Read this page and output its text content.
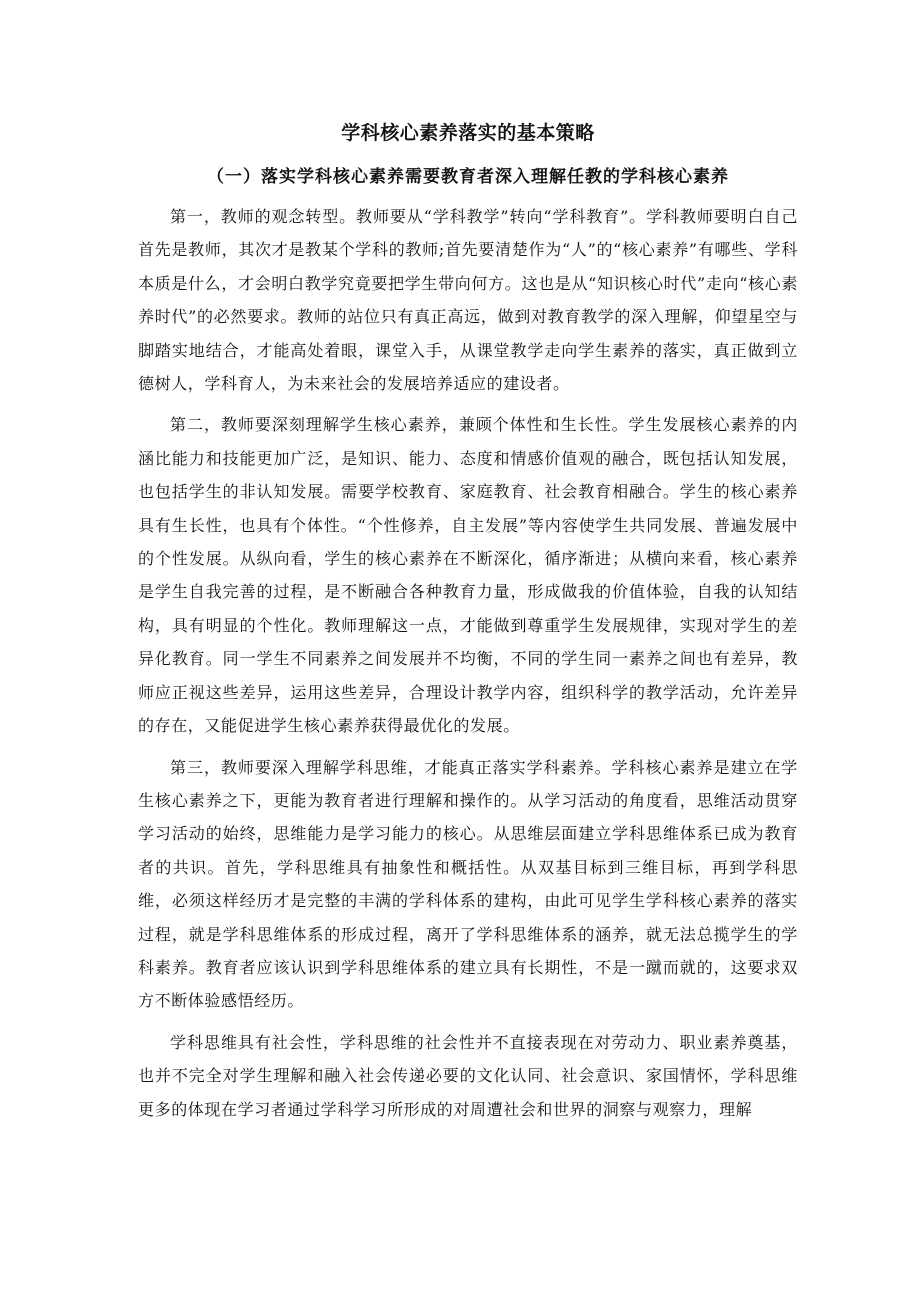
学科核心素养落实的基本策略
（一）落实学科核心素养需要教育者深入理解任教的学科核心素养

第一，教师的观念转型。教师要从“学科教学”转向“学科教育”。学科教师要明白自己首先是教师，其次才是教某个学科的教师;首先要清楚作为“人”的“核心素养”有哪些、学科本质是什么，才会明白教学究竟要把学生带向何方。这也是从“知识核心时代”走向“核心素养时代”的必然要求。教师的站位只有真正高远，做到对教育教学的深入理解，仰望星空与脚踏实地结合，才能高处着眼，课堂入手，从课堂教学走向学生素养的落实，真正做到立德树人，学科育人，为未来社会的发展培养适应的建设者。

第二，教师要深刻理解学生核心素养，兼顾个体性和生长性。学生发展核心素养的内涵比能力和技能更加广泛，是知识、能力、态度和情感价值观的融合，既包括认知发展，也包括学生的非认知发展。需要学校教育、家庭教育、社会教育相融合。学生的核心素养具有生长性，也具有个体性。“个性修养，自主发展”等内容使学生共同发展、普遍发展中的个性发展。从纵向看，学生的核心素养在不断深化，循序渐进；从横向来看，核心素养是学生自我完善的过程，是不断融合各种教育力量，形成做我的价值体验，自我的认知结构，具有明显的个性化。教师理解这一点，才能做到尊重学生发展规律，实现对学生的差异化教育。同一学生不同素养之间发展并不均衡，不同的学生同一素养之间也有差异，教师应正视这些差异，运用这些差异，合理设计教学内容，组织科学的教学活动，允许差异的存在，又能促进学生核心素养获得最优化的发展。

第三，教师要深入理解学科思维，才能真正落实学科素养。学科核心素养是建立在学生核心素养之下，更能为教育者进行理解和操作的。从学习活动的角度看，思维活动贯穿学习活动的始终，思维能力是学习能力的核心。从思维层面建立学科思维体系已成为教育者的共识。首先，学科思维具有抽象性和概括性。从双基目标到三维目标，再到学科思维，必须这样经历才是完整的丰满的学科体系的建构，由此可见学生学科核心素养的落实过程，就是学科思维体系的形成过程，离开了学科思维体系的涵养，就无法总揽学生的学科素养。教育者应该认识到学科思维体系的建立具有长期性，不是一蹴而就的，这要求双方不断体验感悟经历。

学科思维具有社会性，学科思维的社会性并不直接表现在对劳动力、职业素养奠基，也并不完全对学生理解和融入社会传递必要的文化认同、社会意识、家国情怀，学科思维更多的体现在学习者通过学科学习所形成的对周遭社会和世界的洞察与观察力，理解
